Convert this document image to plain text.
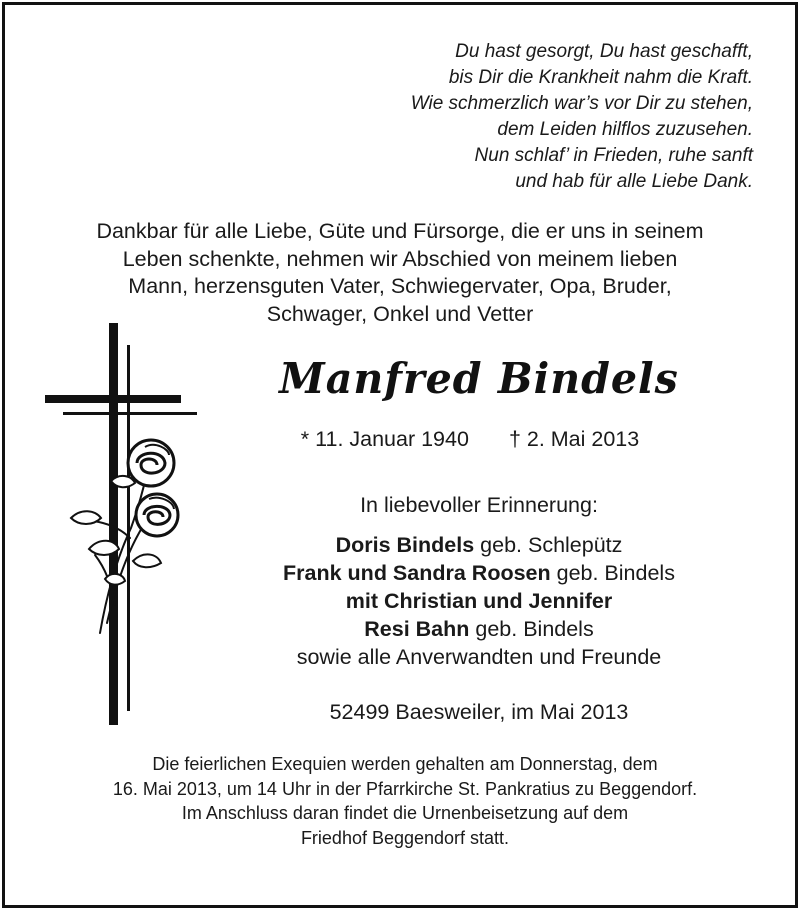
Du hast gesorgt, Du hast geschafft,
bis Dir die Krankheit nahm die Kraft.
Wie schmerzlich war’s vor Dir zu stehen,
dem Leiden hilflos zuzusehen.
Nun schlaf’ in Frieden, ruhe sanft
und hab für alle Liebe Dank.
Dankbar für alle Liebe, Güte und Fürsorge, die er uns in seinem
Leben schenkte, nehmen wir Abschied von meinem lieben
Mann, herzensguten Vater, Schwiegervater, Opa, Bruder,
Schwager, Onkel und Vetter
Manfred Bindels
* 11. Januar 1940 † 2. Mai 2013
In liebevoller Erinnerung:
Doris Bindels geb. Schlepütz
Frank und Sandra Roosen geb. Bindels
mit Christian und Jennifer
Resi Bahn geb. Bindels
sowie alle Anverwandten und Freunde
52499 Baesweiler, im Mai 2013
Die feierlichen Exequien werden gehalten am Donnerstag, dem
16. Mai 2013, um 14 Uhr in der Pfarrkirche St. Pankratius zu Beggendorf.
Im Anschluss daran findet die Urnenbeisetzung auf dem
Friedhof Beggendorf statt.
